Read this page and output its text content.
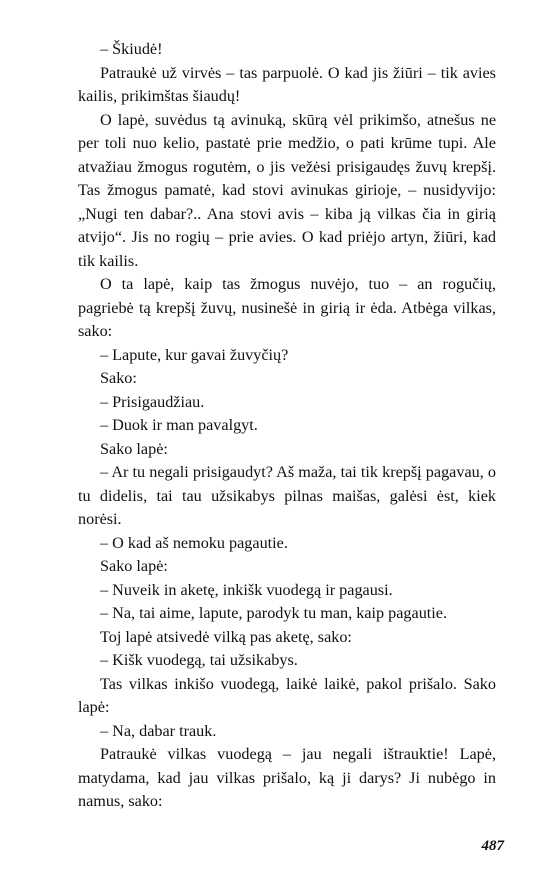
– Škiudė!

Patraukė už virvės – tas parpuolė. O kad jis žiūri – tik avies kailis, prikimštas šiaudų!

O lapė, suvėdus tą avinuką, skūrą vėl prikimšo, atnešus ne per toli nuo kelio, pastatė prie medžio, o pati krūme tupi. Ale atvažiau žmogus rogutėm, o jis vežėsi prisigaudęs žuvų krepšį. Tas žmogus pamatė, kad stovi avinukas girioje, – nusidyvijo: „Nugi ten dabar?.. Ana stovi avis – kiba ją vilkas čia in girią atvijo“. Jis no rogių – prie avies. O kad priėjo artyn, žiūri, kad tik kailis.

O ta lapė, kaip tas žmogus nuvėjo, tuo – an rogučių, pagriebė tą krepšį žuvų, nusinešė in girią ir ėda. Atbėga vilkas, sako:

– Lapute, kur gavai žuvyčių?

Sako:

– Prisigaudžiau.

– Duok ir man pavalgyt.

Sako lapė:

– Ar tu negali prisigaudyt? Aš maža, tai tik krepšį pagavau, o tu didelis, tai tau užsikabys pilnas maišas, galėsi ėst, kiek norėsi.

– O kad aš nemoku pagautie.

Sako lapė:

– Nuveik in aketę, inkišk vuodegą ir pagausi.

– Na, tai aime, lapute, parodyk tu man, kaip pagautie.

Toj lapė atsivedė vilką pas aketę, sako:

– Kišk vuodegą, tai užsikabys.

Tas vilkas inkišo vuodegą, laikė laikė, pakol prišalo. Sako lapė:

– Na, dabar trauk.

Patraukė vilkas vuodegą – jau negali ištrauktie! Lapė, matydama, kad jau vilkas prišalo, ką ji darys? Ji nubėgo in namus, sako:

487
